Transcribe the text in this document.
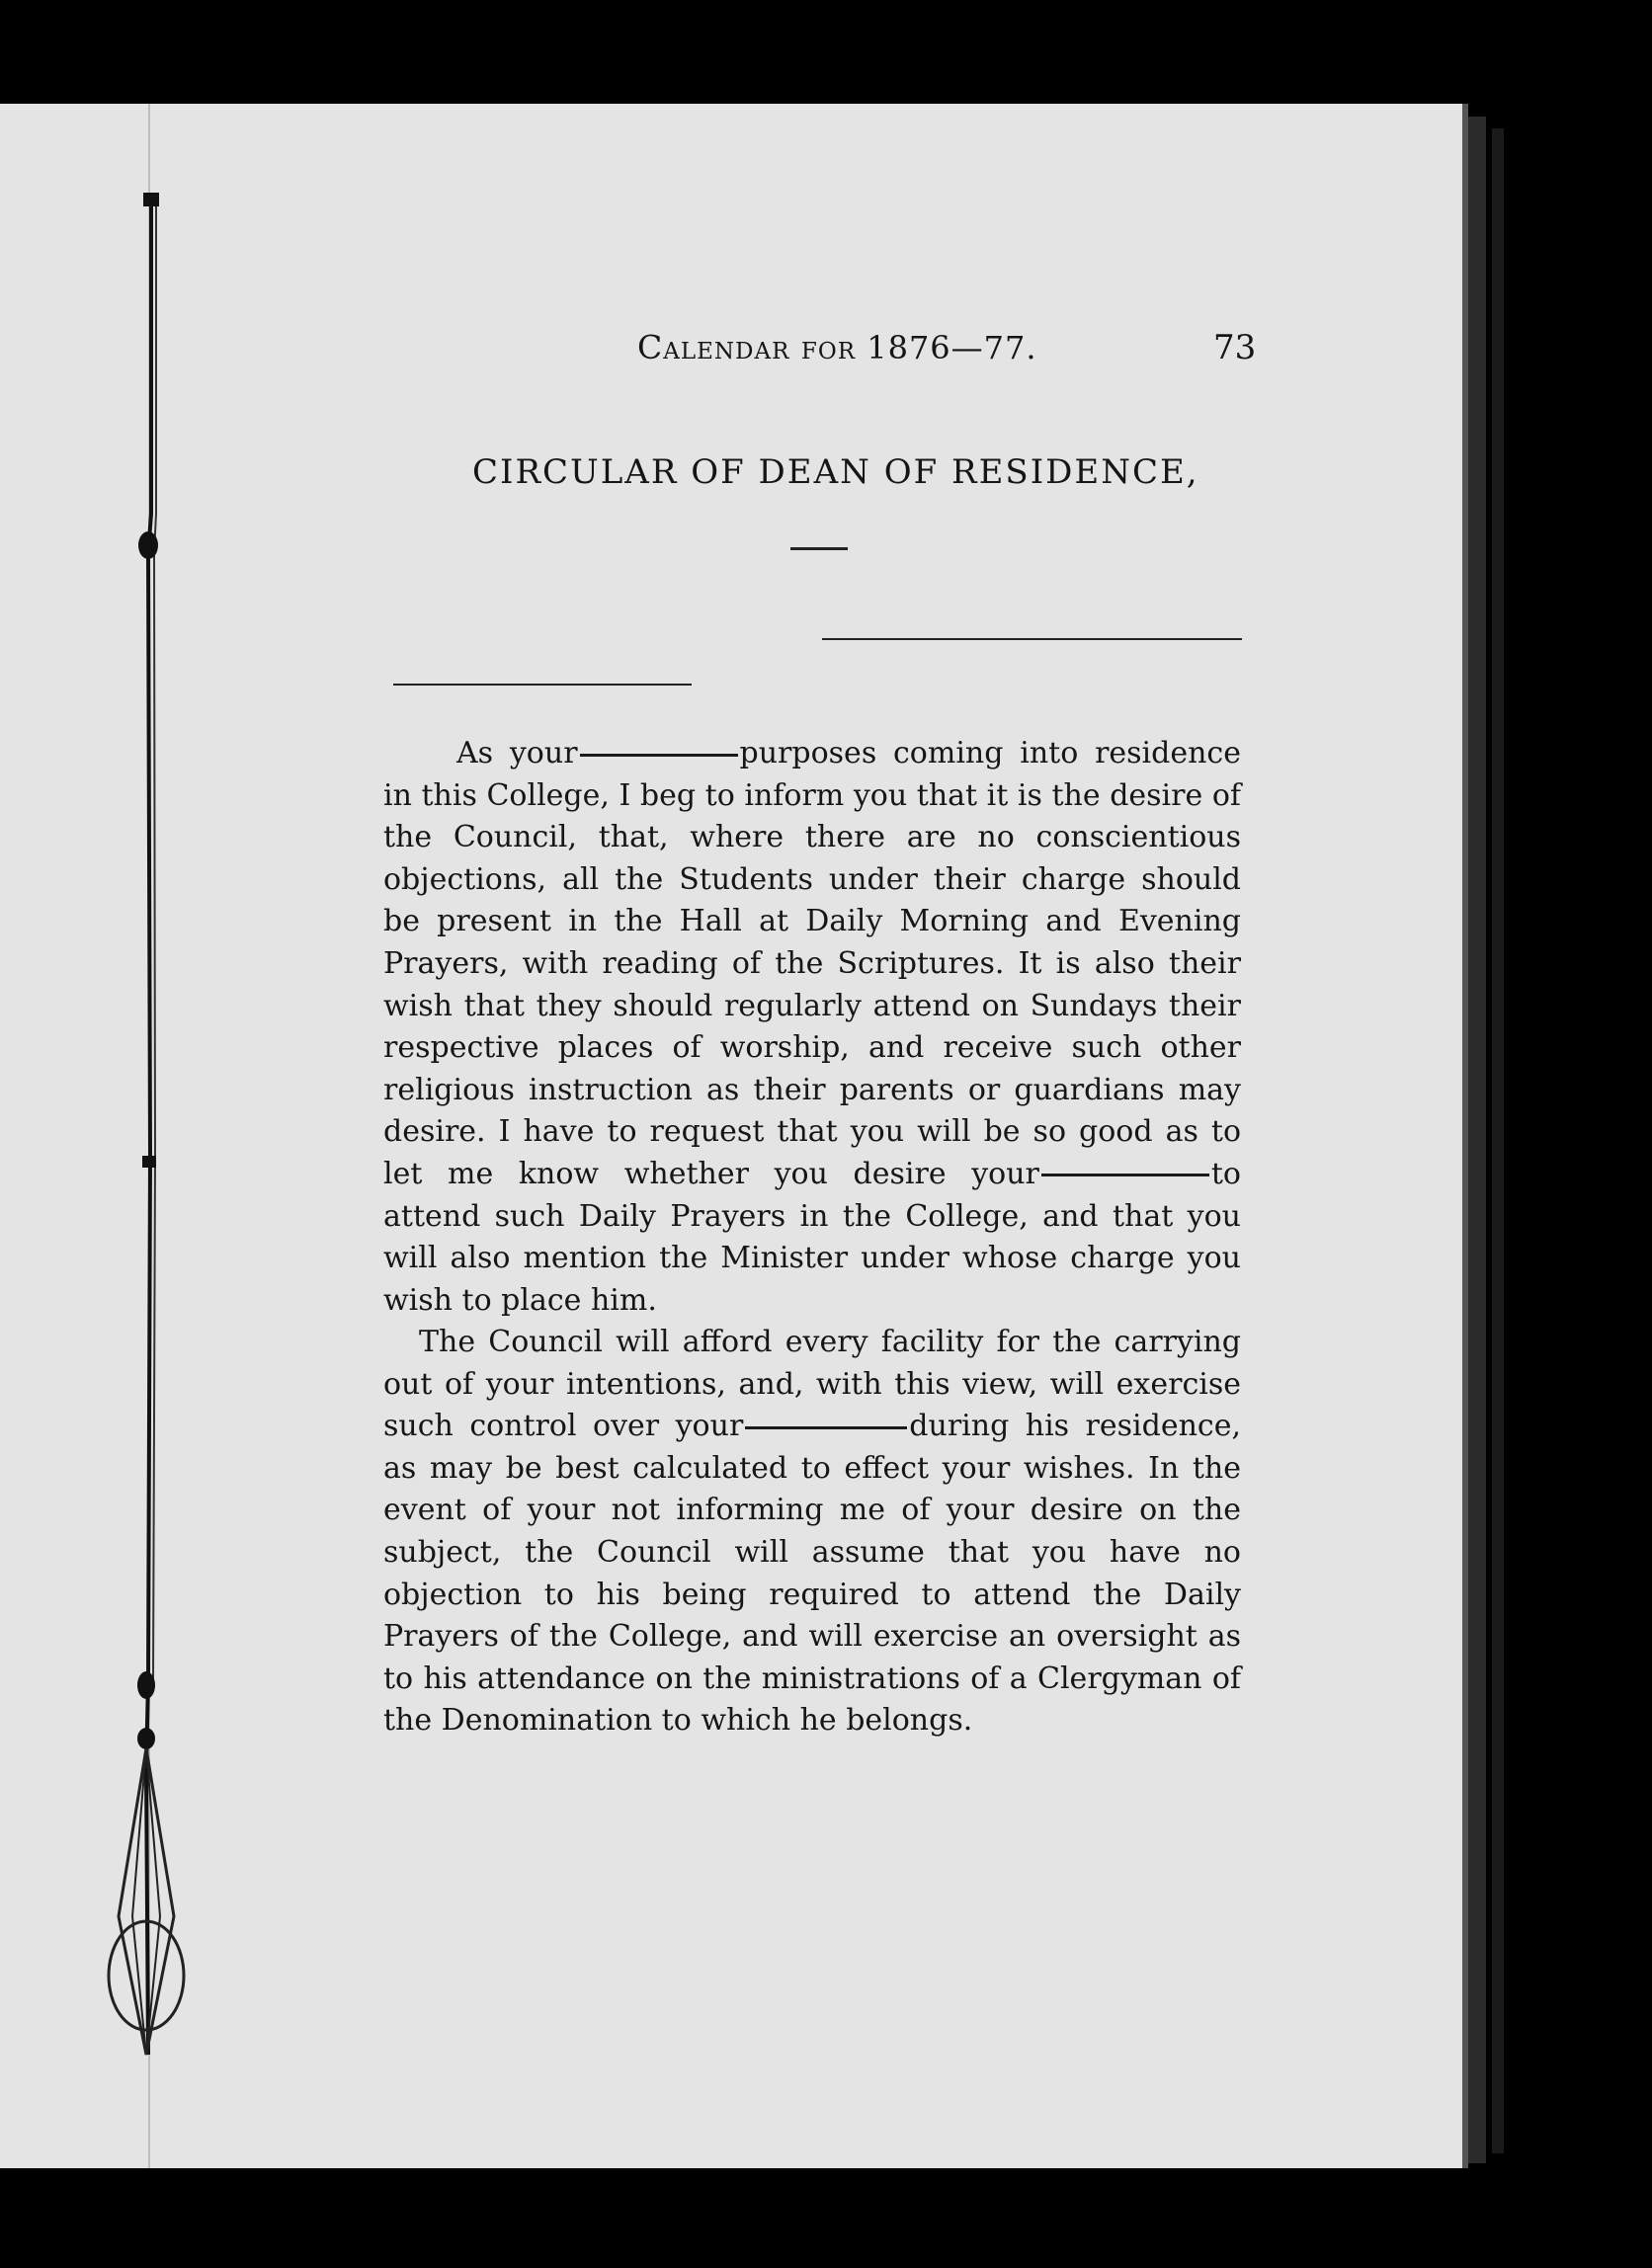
Calendar for 1876—77.	73
CIRCULAR OF DEAN OF RESIDENCE,
As your	purposes coming into residence in this College, I beg to inform you that it is the desire of the Council, that, where there are no conscientious objections, all the Students under their charge should be present in the Hall at Daily Morning and Evening Prayers, with reading of the Scriptures. It is also their wish that they should regularly attend on Sundays their respective places of worship, and receive such other religious instruction as their parents or guardians may desire. I have to request that you will be so good as to let me know whether you desire your	to attend such Daily Prayers in the College, and that you will also mention the Minister under whose charge you wish to place him.
The Council will afford every facility for the carrying out of your intentions, and, with this view, will exercise such control over your	during his residence, as may be best calculated to effect your wishes. In the event of your not informing me of your desire on the subject, the Council will assume that you have no objection to his being required to attend the Daily Prayers of the College, and will exercise an oversight as to his attendance on the ministrations of a Clergyman of the Denomination to which he belongs.
